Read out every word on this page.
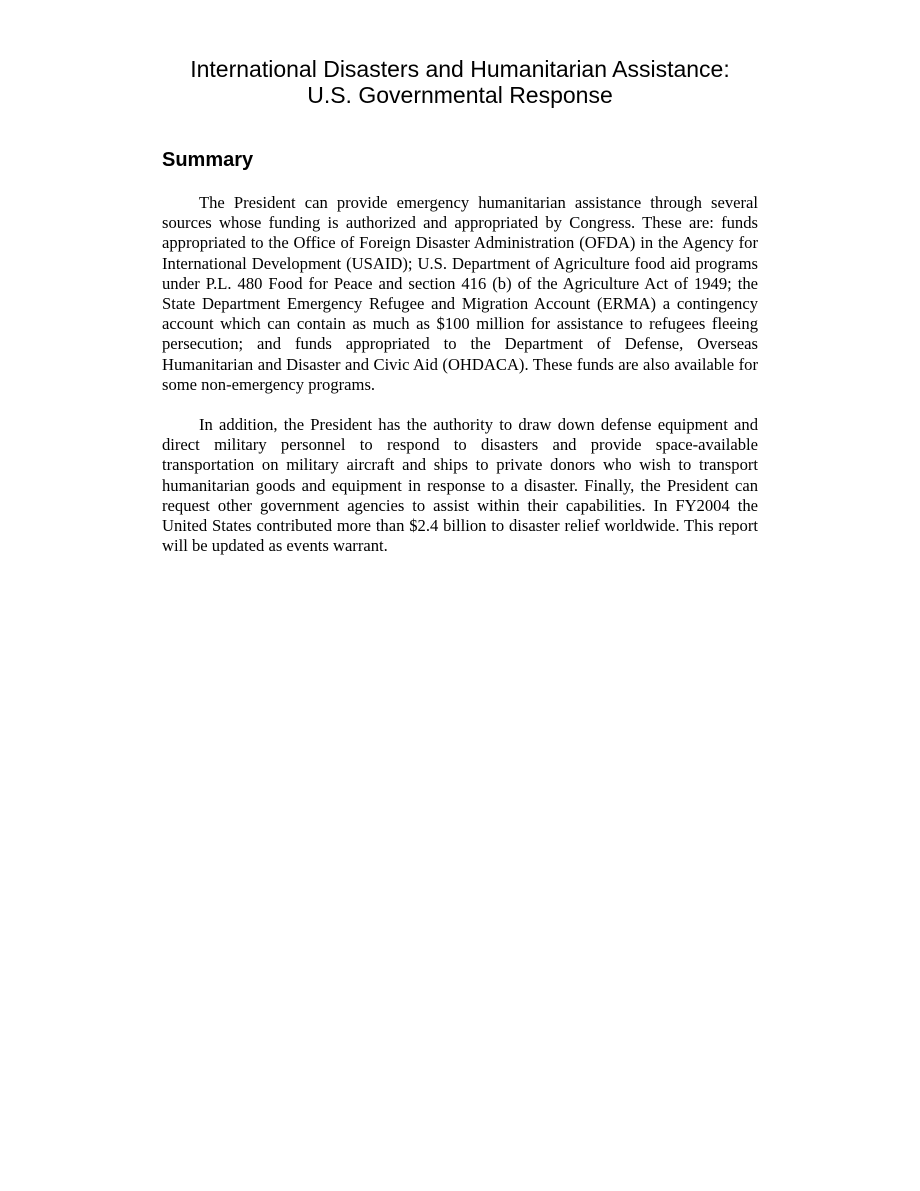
International Disasters and Humanitarian Assistance:
U.S. Governmental Response
Summary

The President can provide emergency humanitarian assistance through several sources whose funding is authorized and appropriated by Congress. These are: funds appropriated to the Office of Foreign Disaster Administration (OFDA) in the Agency for International Development (USAID); U.S. Department of Agriculture food aid programs under P.L. 480 Food for Peace and section 416 (b) of the Agriculture Act of 1949; the State Department Emergency Refugee and Migration Account (ERMA) a contingency account which can contain as much as $100 million for assistance to refugees fleeing persecution; and funds appropriated to the Department of Defense, Overseas Humanitarian and Disaster and Civic Aid (OHDACA). These funds are also available for some non-emergency programs.

In addition, the President has the authority to draw down defense equipment and direct military personnel to respond to disasters and provide space-available transportation on military aircraft and ships to private donors who wish to transport humanitarian goods and equipment in response to a disaster. Finally, the President can request other government agencies to assist within their capabilities. In FY2004 the United States contributed more than $2.4 billion to disaster relief worldwide. This report will be updated as events warrant.
